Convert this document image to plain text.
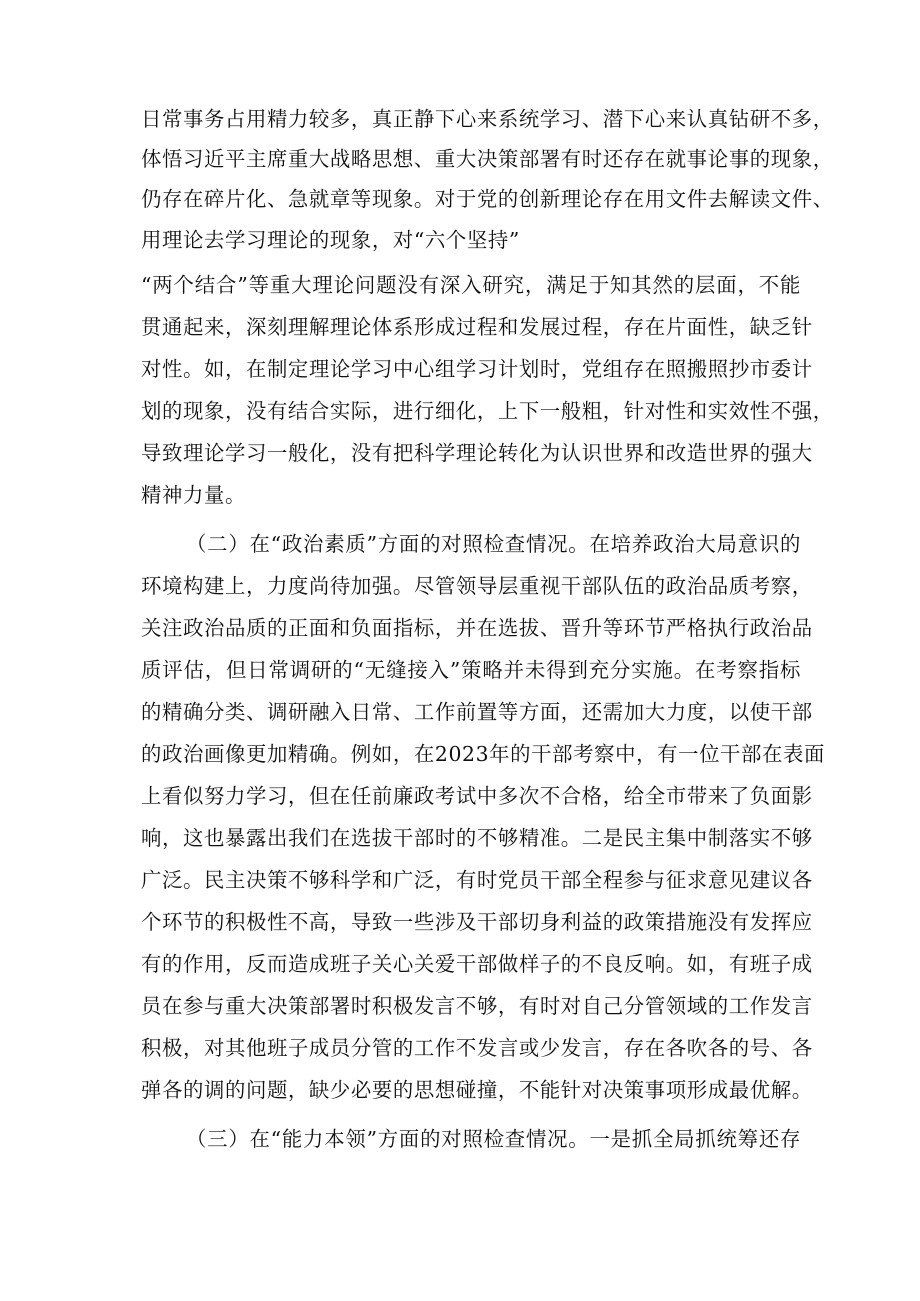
日常事务占用精力较多，真正静下心来系统学习、潜下心来认真钻研不多，
体悟习近平主席重大战略思想、重大决策部署有时还存在就事论事的现象，
仍存在碎片化、急就章等现象。对于党的创新理论存在用文件去解读文件、
用理论去学习理论的现象，对“六个坚持”
“两个结合”等重大理论问题没有深入研究，满足于知其然的层面，不能
贯通起来，深刻理解理论体系形成过程和发展过程，存在片面性，缺乏针
对性。如，在制定理论学习中心组学习计划时，党组存在照搬照抄市委计
划的现象，没有结合实际，进行细化，上下一般粗，针对性和实效性不强，
导致理论学习一般化，没有把科学理论转化为认识世界和改造世界的强大
精神力量。
（二）在“政治素质”方面的对照检查情况。在培养政治大局意识的
环境构建上，力度尚待加强。尽管领导层重视干部队伍的政治品质考察，
关注政治品质的正面和负面指标，并在选拔、晋升等环节严格执行政治品
质评估，但日常调研的“无缝接入”策略并未得到充分实施。在考察指标
的精确分类、调研融入日常、工作前置等方面，还需加大力度，以使干部
的政治画像更加精确。例如，在2023年的干部考察中，有一位干部在表面
上看似努力学习，但在任前廉政考试中多次不合格，给全市带来了负面影
响，这也暴露出我们在选拔干部时的不够精准。二是民主集中制落实不够
广泛。民主决策不够科学和广泛，有时党员干部全程参与征求意见建议各
个环节的积极性不高，导致一些涉及干部切身利益的政策措施没有发挥应
有的作用，反而造成班子关心关爱干部做样子的不良反响。如，有班子成
员在参与重大决策部署时积极发言不够，有时对自己分管领域的工作发言
积极，对其他班子成员分管的工作不发言或少发言，存在各吹各的号、各
弹各的调的问题，缺少必要的思想碰撞，不能针对决策事项形成最优解。
（三）在“能力本领”方面的对照检查情况。一是抓全局抓统筹还存
